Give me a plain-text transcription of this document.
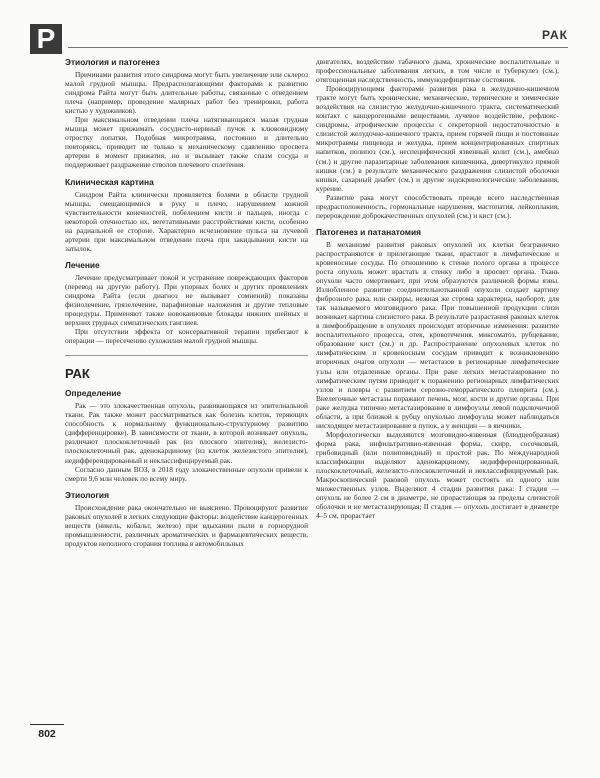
Р	РАК
Этиология и патогенез

Причинами развития этого синдрома могут быть увеличение или склероз малой грудной мышцы. Предрасполагающими факторами к развитию синдрома Райта могут быть длительные работы, связанные с отведением плеча (например, проведение малярных работ без тренировки, работа кистью у художников).

При максимальном отведении плеча натягивающаяся малая грудная мышца может прижимать сосудисто-нервный пучок к клювовидному отростку лопатки. Подобная микротравма, постоянно и длительно повторяясь, приводит не только к механическому сдавлению просвета артерии в момент прижатия, но и вызывает также спазм сосуда и поддерживает раздражение стволов плечевого сплетения.

Клиническая картина

Синдром Райта клинически проявляется болями в области грудной мышцы, смещающимися в руку и плечо, нарушением кожной чувствительности конечностей, побелением кисти и пальцев, иногда с некоторой отечностью их, вегетативными расстройствами кисти, особенно на радиальной ее стороне. Характерно исчезновение пульса на лучевой артерии при максимальном отведении плеча при закидывании кисти на затылок.

Лечение

Лечение предусматривает покой и устранение повреждающих факторов (перевод на другую работу). При упорных болях и других проявлениях синдрома Райта (если диагноз не вызывает сомнений) показаны физиолечение, грязелечение, парафиновые наложения и другие тепловые процедуры. Применяют также новокаиновые блокады нижних шейных и верхних грудных симпатических ганглиев.

При отсутствии эффекта от консервативной терапии прибегают к операции — пересечению сухожилия малой грудной мышцы.

РАК
Определение

Рак — это злокачественная опухоль, развивающаяся из эпителиальной ткани. Рак также может рассматриваться как болезнь клеток, теряющих способность к нормальному функционально-структурному развитию (дифференцировке). В зависимости от ткани, в которой возникает опухоль, различают плоскоклеточный рак (из плоского эпителия), железисто-плоскоклеточный рак, аденокарциному (из клеток железистого эпителия), недифференцированный и неклассифицируемый рак.

Согласно данным ВОЗ, в 2018 году злокачественные опухоли привели к смерти 9,6 млн человек по всему миру.

Этиология

Происхождение рака окончательно не выяснено. Провоцируют развитие раковых опухолей в легких следующие факторы: воздействие канцерогенных веществ (никель, кобальт, железо) при вдыхании пыли в горнорудной промышленности, различных ароматических и фармацевтических веществ, продуктов неполного сгорания топлива в автомобильных

двигателях, воздействие табачного дыма, хронические воспалительные и профессиональные заболевания легких, в том числе и туберкулез (см.), отягощенная наследственность, иммунодефицитные состояния.

Провоцирующими факторами развития рака в желудочно-кишечном тракте могут быть хронические, механические, термические и химические воздействия на слизистую желудочно-кишечного тракта, систематический контакт с канцерогенными веществами, лучевое воздействие, рефлюкс-синдромы, атрофические процессы с секреторной недостаточностью в слизистой желудочно-кишечного тракта, прием горячей пищи и постоянные микротравмы пищевода и желудка, прием концентрированных спиртных напитков, полипоз (см.), неспецифический язвенный колит (см.), амебиаз (см.) и другие паразитарные заболевания кишечника, дивертикулез прямой кишки (см.) в результате механического раздражения слизистой оболочки кишки, сахарный диабет (см.) и другие эндокринологические заболевания, курение.

Развитие рака могут способствовать прежде всего наследственная предрасположенность, гормональные нарушения, мастопатия, лейкоплакия, перерождение доброкачественных опухолей (см.) и кист (см.).

Патогенез и патанатомия

В механизме развития раковых опухолей их клетки безгранично распространяются в прилегающие ткани, врастают в лимфатические и кровеносные сосуды. По отношению к стенке полого органа в процессе роста опухоль может врастать в стенку либо в просвет органа. Ткань опухоли часто омертвевает, при этом образуются различной формы язвы. Излюбленное развитие соединительнотканной опухоли создает картину фиброзного рака, или скирры, нежная же строма характерна, наоборот, для так называемого мозговидного рака. При повышенной продукции слизи возникает картина слизистого рака. В результате разрастания раковых клеток в лимфообращение в опухолях происходят вторичные изменения: развитие воспалительного процесса, отек, кровотечения, миксоматоз, рубцевание, образование кист (см.) и др. Распространение опухолевых клеток по лимфатическим и кровеносным сосудам приводит к возникновению вторичных очагов опухоли — метастазов в регионарные лимфатические узлы или отдаленные органы. При раке легких метастазирование по лимфатическим путям приводит к поражению регионарных лимфатических узлов и плевры с развитием серозно-геморрагического плеврита (см.). Внелегочные метастазы поражают печень, мозг, кости и другие органы. При раке желудка типично метастазирование в лимфоузлы левой подключичной области, а при близкой к рубцу опухолью лимфоузлы может наблюдаться нисходящее метастазирование в пупок, а у женщин — в яичники.

Морфологически выделяются мозговидно-язвенная (блюдцеобразная) форма рака, инфильтративно-язвенная форма, скирр, сосочковый, грибовидный (или полиповидный) и простой рак. По международной классификации выделяют аденокарциному, недифференцированный, плоскоклеточный, железисто-плоскоклеточный и неклассифицируемый рак. Макроскопический раковой опухоль может состоять из одного или множественных узлов. Выделяют 4 стадии развития рака: I стадия — опухоль не более 2 см в диаметре, не прорастающая за пределы слизистой оболочки и не метастазирующая; II стадия — опухоль достигает в диаметре 4–5 см, прорастает

802
